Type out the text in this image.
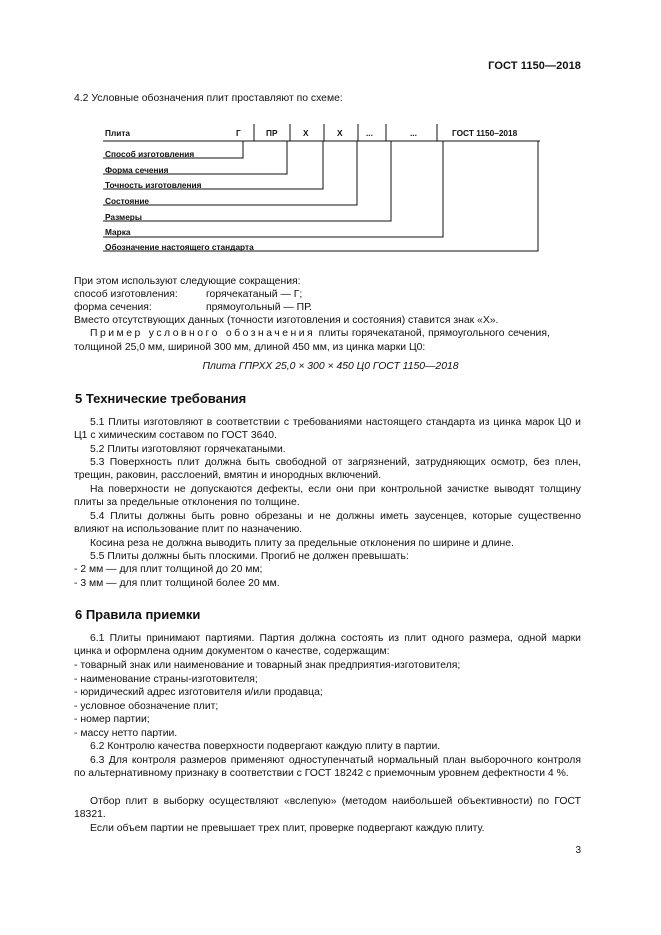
ГОСТ 1150—2018
4.2 Условные обозначения плит проставляют по схеме:
Плита	Г	ПР	Х	Х	...	...	ГОСТ 1150–2018
Способ изготовления
Форма сечения
Точность изготовления
Состояние
Размеры
Марка
Обозначение настоящего стандарта
При этом используют следующие сокращения:
способ изготовления:	горячекатаный — Г;
форма сечения:	прямоугольный — ПР.
Вместо отсутствующих данных (точности изготовления и состояния) ставится знак «Х».
Пример условного обозначения плиты горячекатаной, прямоугольного сечения,
толщиной 25,0 мм, шириной 300 мм, длиной 450 мм, из цинка марки Ц0:
Плита ГПРХХ 25,0 × 300 × 450 Ц0 ГОСТ 1150—2018
5 Технические требования
5.1 Плиты изготовляют в соответствии с требованиями настоящего стандарта из цинка марок Ц0 и Ц1 с химическим составом по ГОСТ 3640.
5.2 Плиты изготовляют горячекатаными.
5.3 Поверхность плит должна быть свободной от загрязнений, затрудняющих осмотр, без плен, трещин, раковин, расслоений, вмятин и инородных включений.
На поверхности не допускаются дефекты, если они при контрольной зачистке выводят толщину плиты за предельные отклонения по толщине.
5.4 Плиты должны быть ровно обрезаны и не должны иметь заусенцев, которые существенно влияют на использование плит по назначению.
Косина реза не должна выводить плиту за предельные отклонения по ширине и длине.
5.5 Плиты должны быть плоскими. Прогиб не должен превышать:
- 2 мм — для плит толщиной до 20 мм;
- 3 мм — для плит толщиной более 20 мм.
6 Правила приемки
6.1 Плиты принимают партиями. Партия должна состоять из плит одного размера, одной марки цинка и оформлена одним документом о качестве, содержащим:
- товарный знак или наименование и товарный знак предприятия-изготовителя;
- наименование страны-изготовителя;
- юридический адрес изготовителя и/или продавца;
- условное обозначение плит;
- номер партии;
- массу нетто партии.
6.2 Контролю качества поверхности подвергают каждую плиту в партии.
6.3 Для контроля размеров применяют одноступенчатый нормальный план выборочного контроля по альтернативному признаку в соответствии с ГОСТ 18242 с приемочным уровнем дефектности 4 %.
Отбор плит в выборку осуществляют «вслепую» (методом наибольшей объективности) по ГОСТ 18321.
Если объем партии не превышает трех плит, проверке подвергают каждую плиту.
3
